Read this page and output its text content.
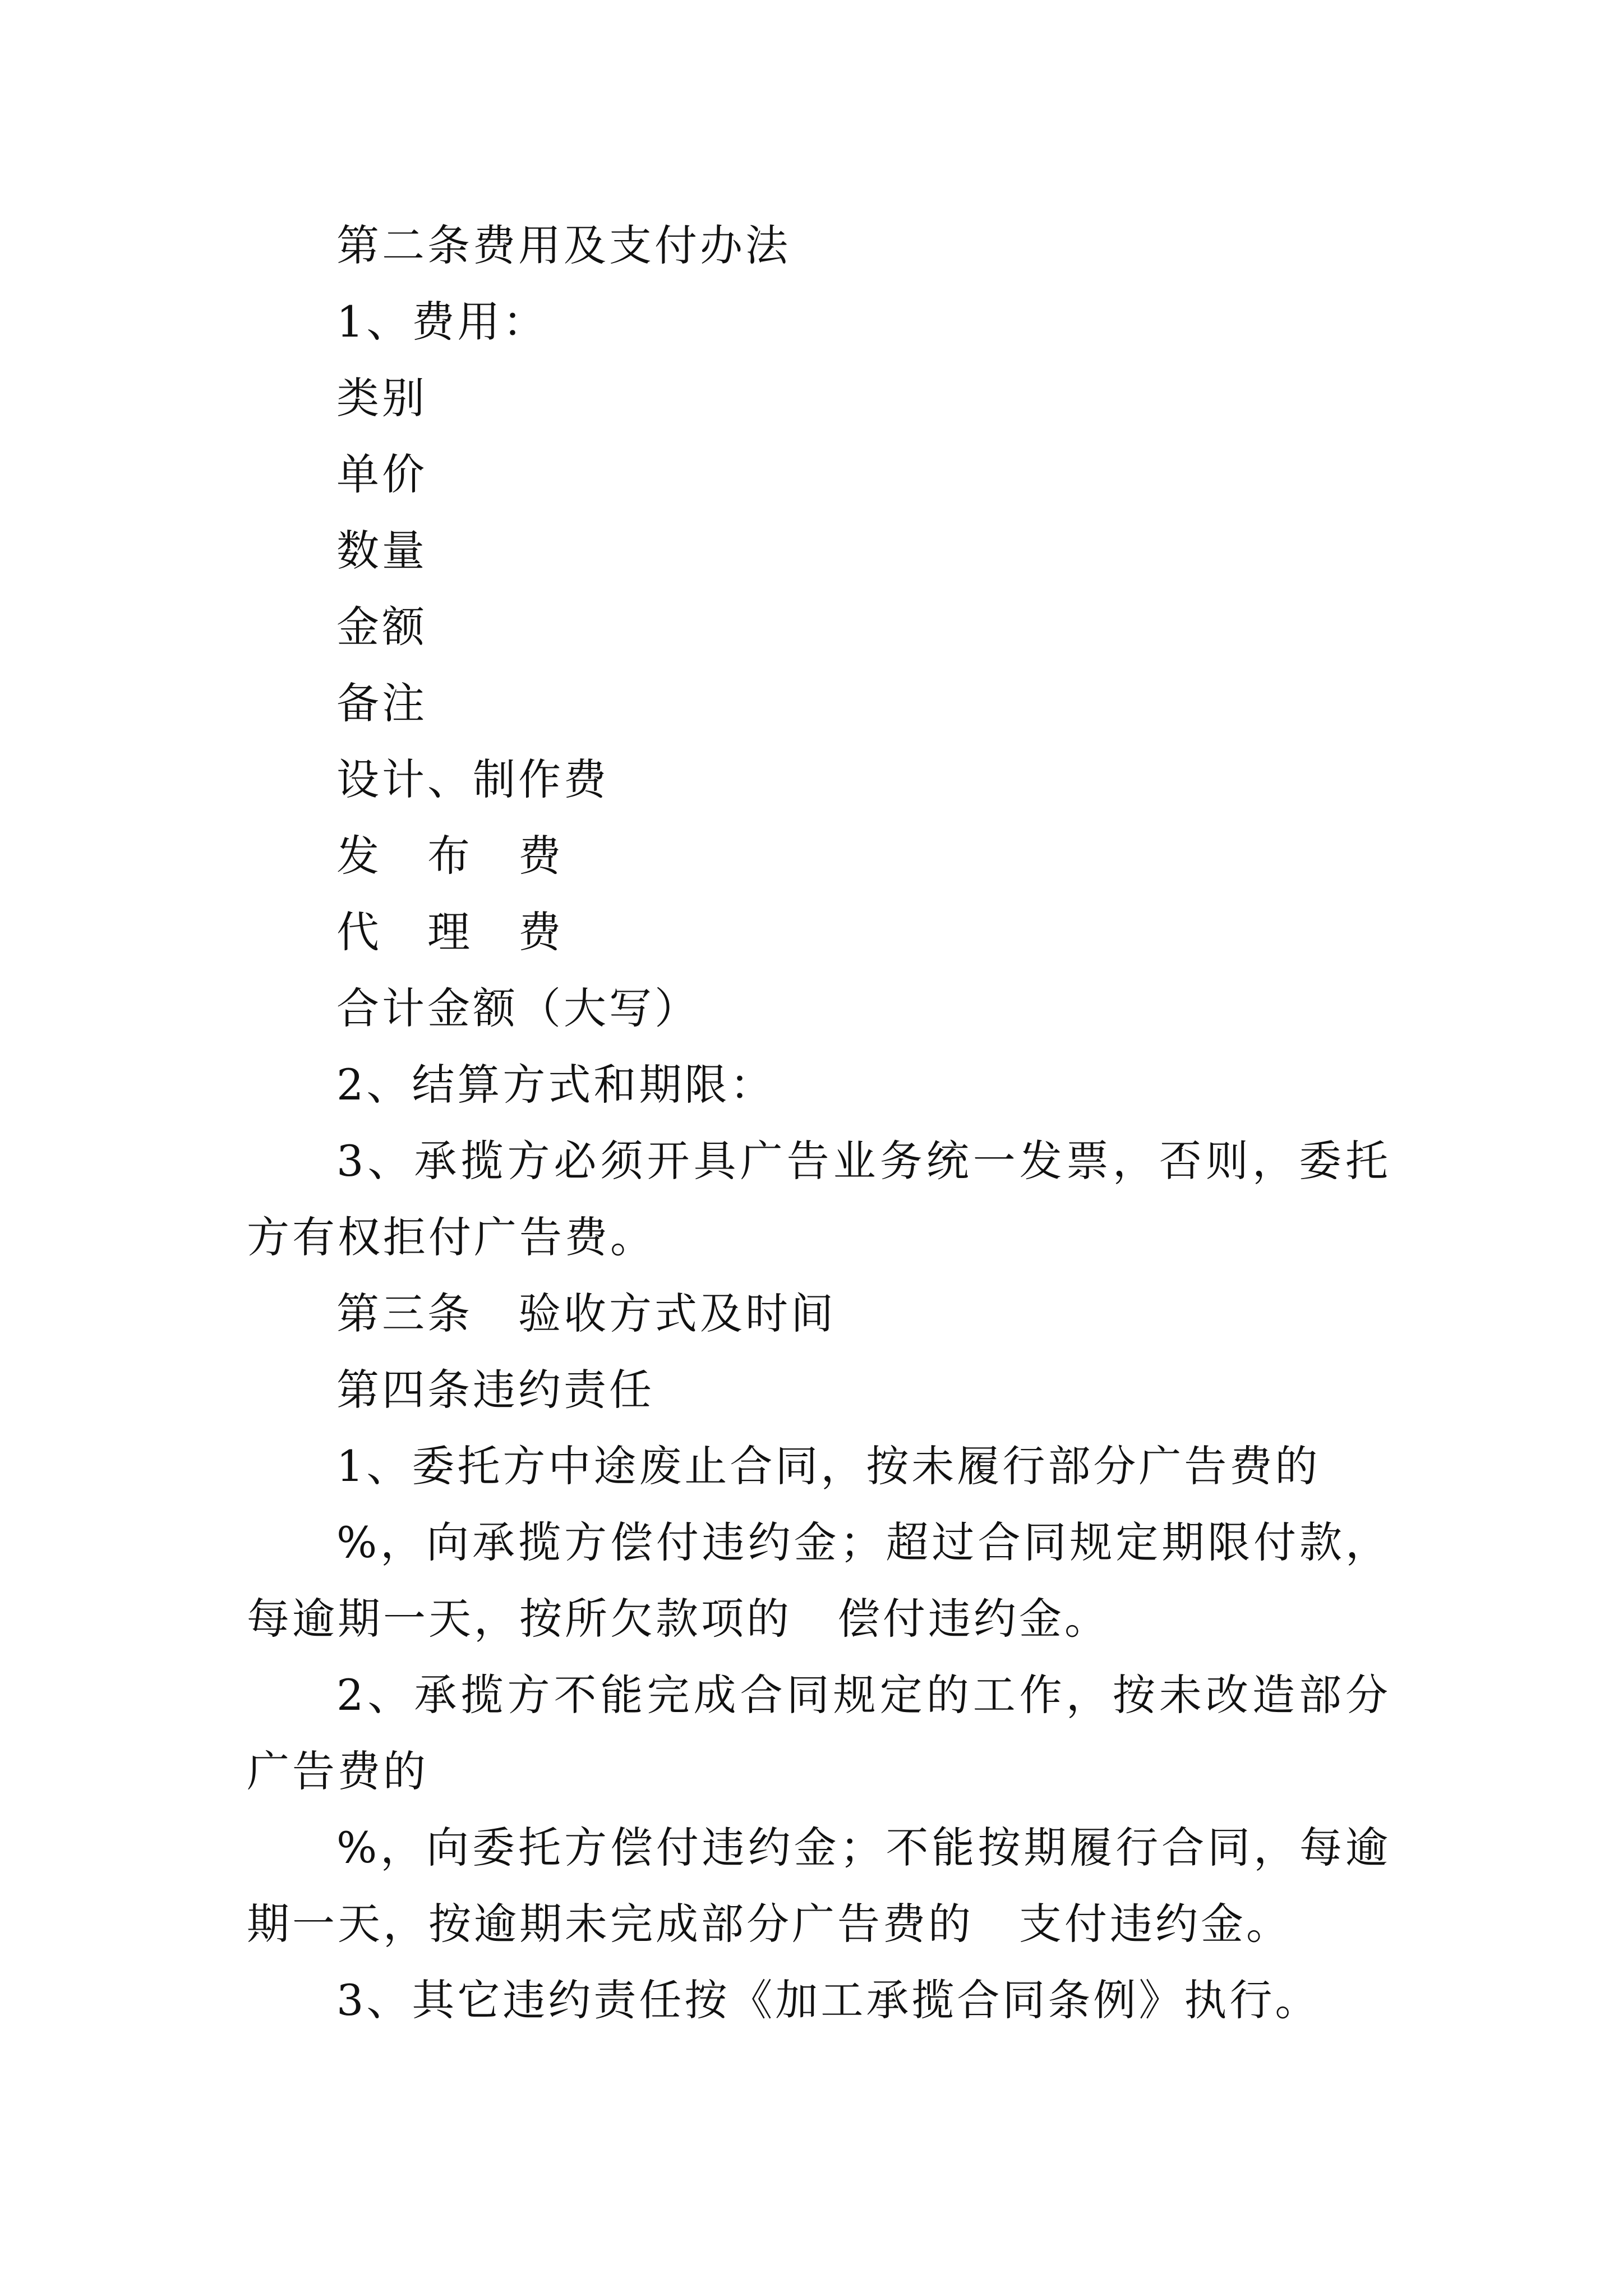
第二条费用及支付办法

1、费用：

类别

单价

数量

金额

备注

设计、制作费

发　布　费

代　理　费

合计金额（大写）

2、结算方式和期限：

3、承揽方必须开具广告业务统一发票，否则，委托方有权拒付广告费。

第三条　验收方式及时间

第四条违约责任

1、委托方中途废止合同，按未履行部分广告费的

%，向承揽方偿付违约金；超过合同规定期限付款，每逾期一天，按所欠款项的　偿付违约金。

2、承揽方不能完成合同规定的工作，按未改造部分广告费的

%，向委托方偿付违约金；不能按期履行合同，每逾期一天，按逾期未完成部分广告费的　支付违约金。

3、其它违约责任按《加工承揽合同条例》执行。
